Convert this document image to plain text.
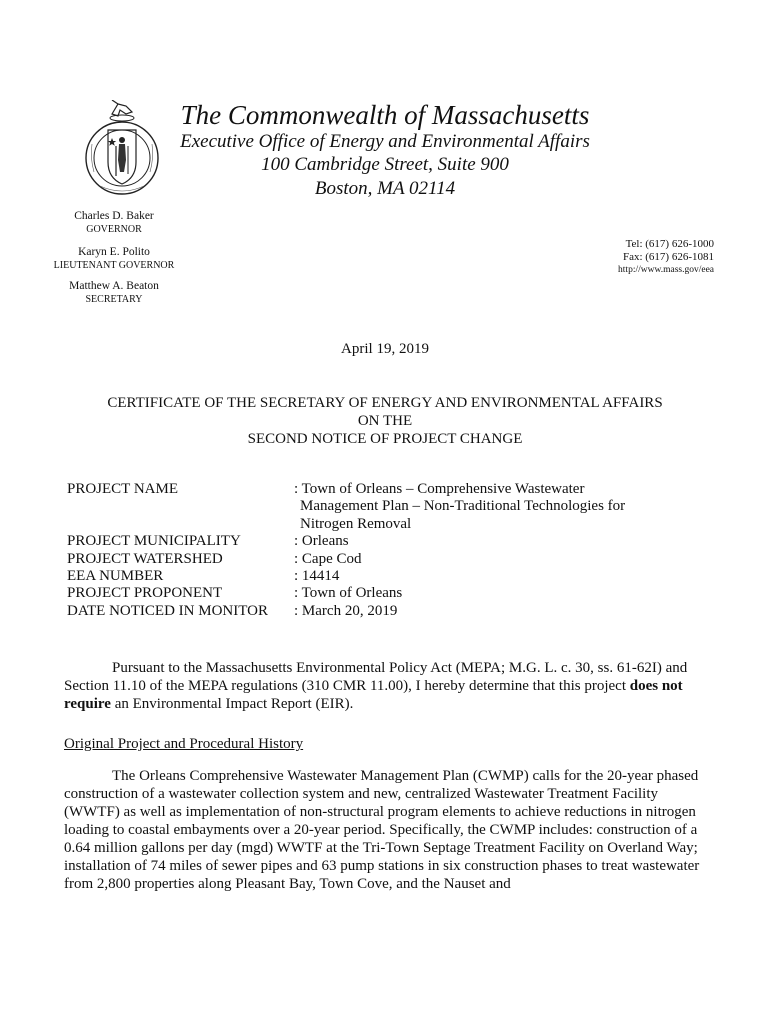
The Commonwealth of Massachusetts
Executive Office of Energy and Environmental Affairs
100 Cambridge Street, Suite 900
Boston, MA 02114
Charles D. Baker
GOVERNOR
Karyn E. Polito
LIEUTENANT GOVERNOR
Matthew A. Beaton
SECRETARY
Tel: (617) 626-1000
Fax: (617) 626-1081
http://www.mass.gov/eea
April 19, 2019
CERTIFICATE OF THE SECRETARY OF ENERGY AND ENVIRONMENTAL AFFAIRS
ON THE
SECOND NOTICE OF PROJECT CHANGE
PROJECT NAME	: Town of Orleans – Comprehensive Wastewater
Management Plan – Non-Traditional Technologies for
Nitrogen Removal
PROJECT MUNICIPALITY	: Orleans
PROJECT WATERSHED	: Cape Cod
EEA NUMBER	: 14414
PROJECT PROPONENT	: Town of Orleans
DATE NOTICED IN MONITOR	: March 20, 2019
Pursuant to the Massachusetts Environmental Policy Act (MEPA; M.G. L. c. 30, ss. 61-62I) and Section 11.10 of the MEPA regulations (310 CMR 11.00), I hereby determine that this project does not require an Environmental Impact Report (EIR).
Original Project and Procedural History
The Orleans Comprehensive Wastewater Management Plan (CWMP) calls for the 20-year phased construction of a wastewater collection system and new, centralized Wastewater Treatment Facility (WWTF) as well as implementation of non-structural program elements to achieve reductions in nitrogen loading to coastal embayments over a 20-year period. Specifically, the CWMP includes: construction of a 0.64 million gallons per day (mgd) WWTF at the Tri-Town Septage Treatment Facility on Overland Way; installation of 74 miles of sewer pipes and 63 pump stations in six construction phases to treat wastewater from 2,800 properties along Pleasant Bay, Town Cove, and the Nauset and
